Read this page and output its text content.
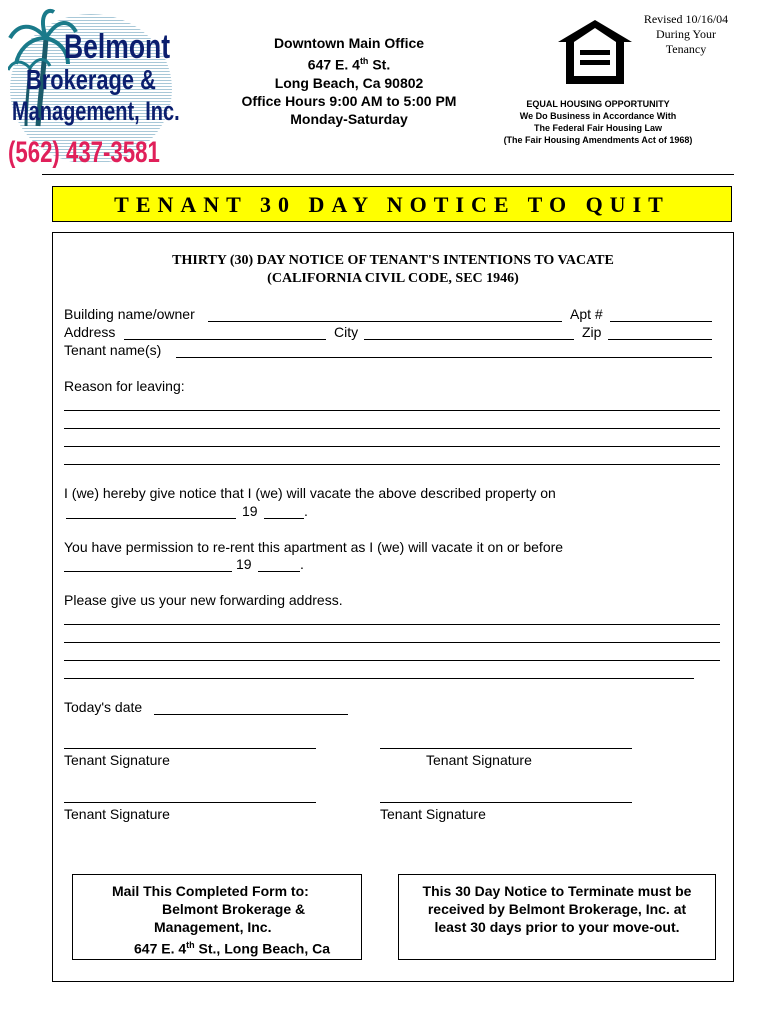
Belmont
Brokerage &
Management, Inc.
(562) 437-3581
Downtown Main Office
647 E. 4th St.
Long Beach, Ca 90802
Office Hours 9:00 AM to 5:00 PM
Monday-Saturday
EQUAL HOUSING OPPORTUNITY
We Do Business in Accordance With
The Federal Fair Housing Law
(The Fair Housing Amendments Act of 1968)
Revised 10/16/04
During Your
Tenancy
TENANT 30 DAY NOTICE TO QUIT
THIRTY (30) DAY NOTICE OF TENANT'S INTENTIONS TO VACATE
(CALIFORNIA CIVIL CODE, SEC 1946)
Building name/owner	Apt #
Address	City	Zip
Tenant name(s)
Reason for leaving:
I (we) hereby give notice that I (we) will vacate the above described property on
19	.
You have permission to re-rent this apartment as I (we) will vacate it on or before
19	.
Please give us your new forwarding address.
Today's date
Tenant Signature	Tenant Signature
Tenant Signature	Tenant Signature
Mail This Completed Form to:
Belmont Brokerage &
Management, Inc.
647 E. 4th St., Long Beach, Ca
This 30 Day Notice to Terminate must be
received by Belmont Brokerage, Inc. at
least 30 days prior to your move-out.
